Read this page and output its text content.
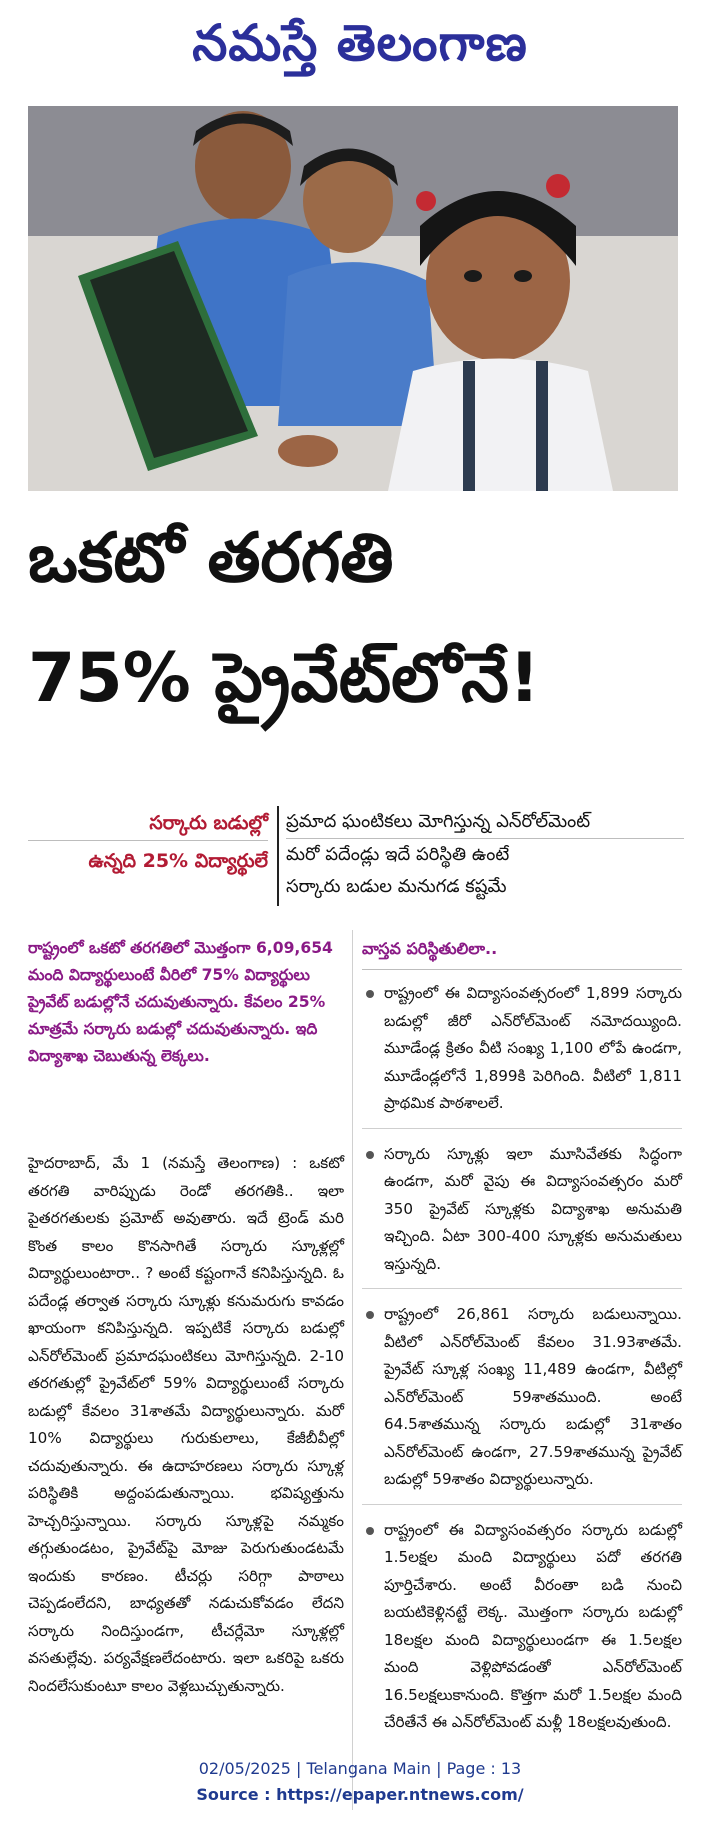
నమస్తే తెలంగాణ
ఒకటో తరగతి
75% ప్రైవేట్‌లోనే!
సర్కారు బడుల్లో
ఉన్నది 25% విద్యార్థులే
ప్రమాద ఘంటికలు మోగిస్తున్న ఎన్‌రోల్‌మెంట్
మరో పదేండ్లు ఇదే పరిస్థితి ఉంటే
సర్కారు బడుల మనుగడ కష్టమే
రాష్ట్రంలో ఒకటో తరగతిలో మొత్తంగా 6,09,654 మంది విద్యార్థులుంటే వీరిలో 75% విద్యార్థులు ప్రైవేట్ బడుల్లోనే చదువుతున్నారు. కేవలం 25% మాత్రమే సర్కారు బడుల్లో చదువుతున్నారు. ఇది విద్యాశాఖ చెబుతున్న లెక్కలు.
హైదరాబాద్, మే 1 (నమస్తే తెలంగాణ) : ఒకటో తరగతి వారిప్పుడు రెండో తరగతికి.. ఇలా పైతరగతులకు ప్రమోట్ అవుతారు. ఇదే ట్రెండ్ మరి కొంత కాలం కొనసాగితే సర్కారు స్కూళ్లల్లో విద్యార్థులుంటారా.. ? అంటే కష్టంగానే కనిపిస్తున్నది. ఓ పదేండ్ల తర్వాత సర్కారు స్కూళ్లు కనుమరుగు కావడం ఖాయంగా కనిపిస్తున్నది. ఇప్పటికే సర్కారు బడుల్లో ఎన్‌రోల్‌మెంట్ ప్రమాదఘంటికలు మోగిస్తున్నది. 2-10 తరగతుల్లో ప్రైవేట్‌లో 59% విద్యార్థులుంటే సర్కారు బడుల్లో కేవలం 31శాతమే విద్యార్థులున్నారు. మరో 10% విద్యార్థులు గురుకులాలు, కేజీబీవీల్లో చదువుతున్నారు. ఈ ఉదాహరణలు సర్కారు స్కూళ్ల పరిస్థితికి అద్దంపడుతున్నాయి. భవిష్యత్తును హెచ్చరిస్తున్నాయి. సర్కారు స్కూళ్లపై నమ్మకం తగ్గుతుండటం, ప్రైవేట్‌పై మోజు పెరుగుతుండటమే ఇందుకు కారణం. టీచర్లు సరిగ్గా పాఠాలు చెప్పడంలేదని, బాధ్యతతో నడుచుకోవడం లేదని సర్కారు నిందిస్తుండగా, టీచర్లేమో స్కూళ్లల్లో వసతుల్లేవు. పర్యవేక్షణలేదంటారు. ఇలా ఒకరిపై ఒకరు నిందలేసుకుంటూ కాలం వెళ్లబుచ్చుతున్నారు.
వాస్తవ పరిస్థితులిలా..
రాష్ట్రంలో ఈ విద్యాసంవత్సరంలో 1,899 సర్కారు బడుల్లో జీరో ఎన్‌రోల్‌మెంట్ నమోదయ్యింది. మూడేండ్ల క్రితం వీటి సంఖ్య 1,100 లోపే ఉండగా, మూడేండ్లలోనే 1,899కి పెరిగింది. వీటిలో 1,811 ప్రాథమిక పాఠశాలలే.
సర్కారు స్కూళ్లు ఇలా మూసివేతకు సిద్ధంగా ఉండగా, మరో వైపు ఈ విద్యాసంవత్సరం మరో 350 ప్రైవేట్ స్కూళ్లకు విద్యాశాఖ అనుమతి ఇచ్చింది. ఏటా 300-400 స్కూళ్లకు అనుమతులు ఇస్తున్నది.
రాష్ట్రంలో 26,861 సర్కారు బడులున్నాయి. వీటిలో ఎన్‌రోల్‌మెంట్ కేవలం 31.93శాతమే. ప్రైవేట్ స్కూళ్ల సంఖ్య 11,489 ఉండగా, వీటిల్లో ఎన్‌రోల్‌మెంట్ 59శాతముంది. అంటే 64.5శాతమున్న సర్కారు బడుల్లో 31శాతం ఎన్‌రోల్‌మెంట్ ఉండగా, 27.59శాతమున్న ప్రైవేట్ బడుల్లో 59శాతం విద్యార్థులున్నారు.
రాష్ట్రంలో ఈ విద్యాసంవత్సరం సర్కారు బడుల్లో 1.5లక్షల మంది విద్యార్థులు పదో తరగతి పూర్తిచేశారు. అంటే వీరంతా బడి నుంచి బయటికెళ్లినట్టే లెక్క. మొత్తంగా సర్కారు బడుల్లో 18లక్షల మంది విద్యార్థులుండగా ఈ 1.5లక్షల మంది వెళ్లిపోవడంతో ఎన్‌రోల్‌మెంట్ 16.5లక్షలుకానుంది. కొత్తగా మరో 1.5లక్షల మంది చేరితేనే ఈ ఎన్‌రోల్‌మెంట్ మళ్లీ 18లక్షలవుతుంది.
02/05/2025 | Telangana Main | Page : 13
Source : https://epaper.ntnews.com/
